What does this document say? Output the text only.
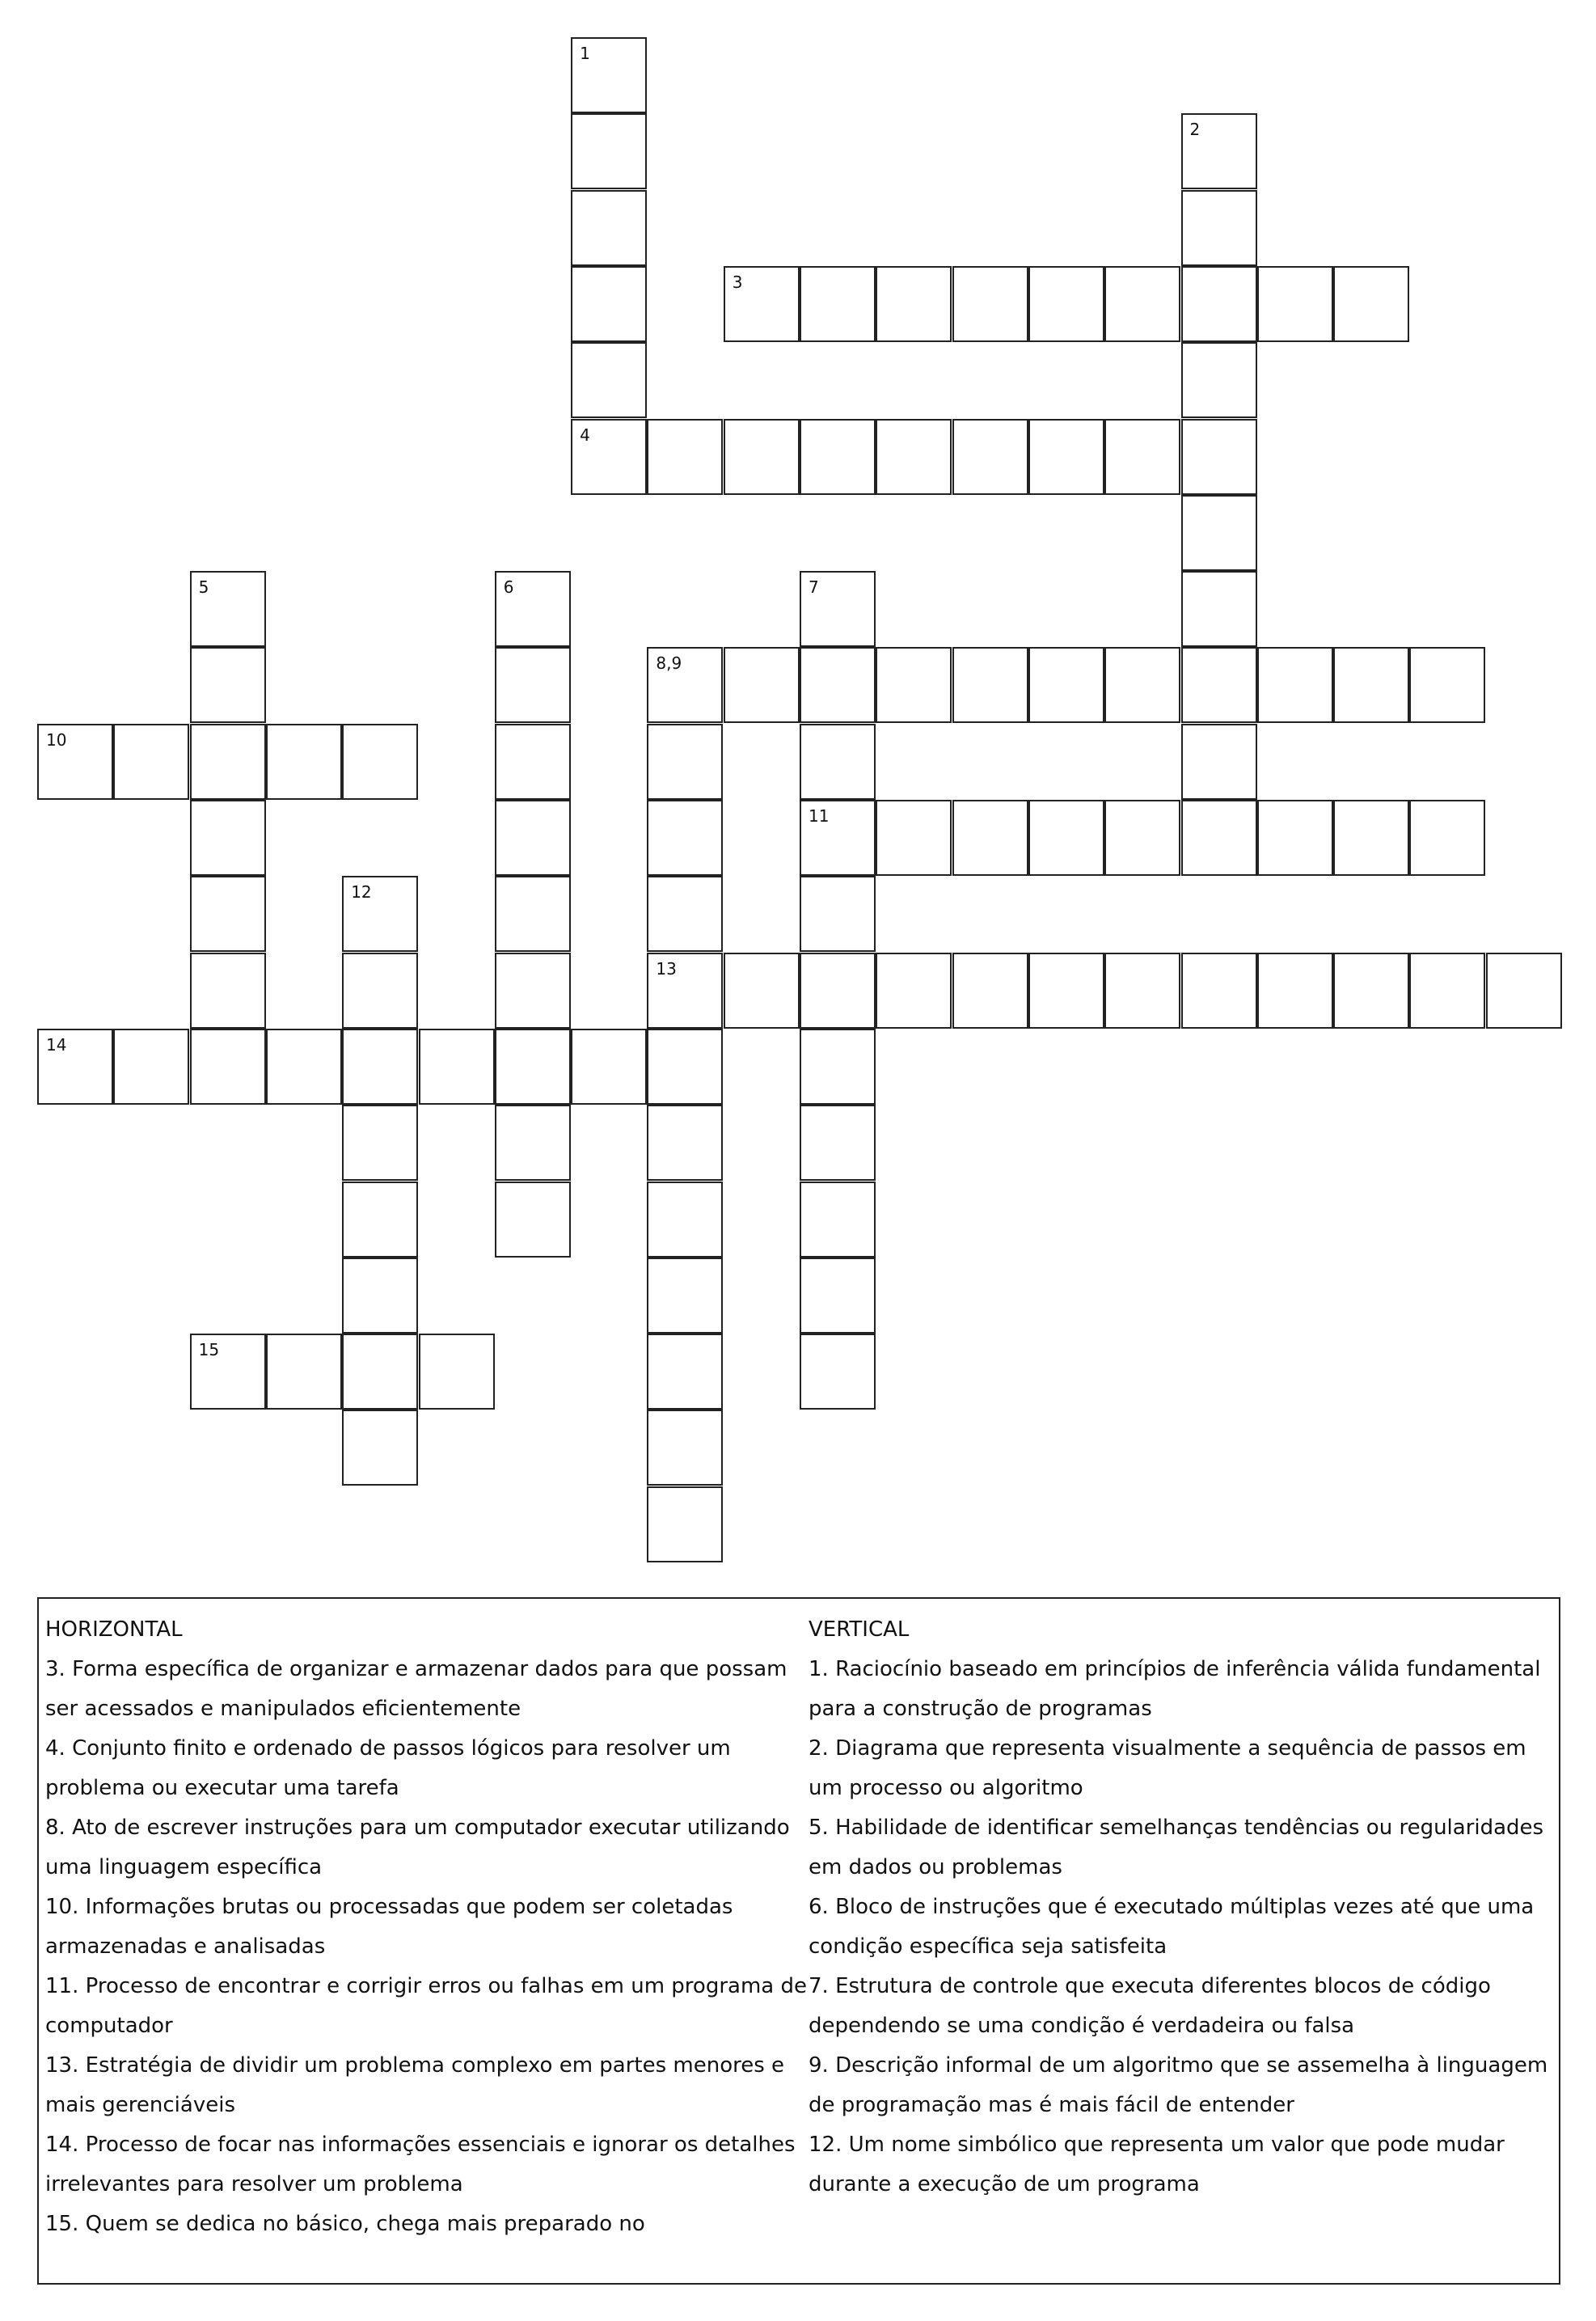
1
4
2
3
5	6	7
11
8,9
13
10
12
14
15
HORIZONTAL
3. Forma específica de organizar e armazenar dados para que possam ser acessados e manipulados eficientemente
4. Conjunto finito e ordenado de passos lógicos para resolver um problema ou executar uma tarefa
8. Ato de escrever instruções para um computador executar utilizando uma linguagem específica
10. Informações brutas ou processadas que podem ser coletadas armazenadas e analisadas
11. Processo de encontrar e corrigir erros ou falhas em um programa de computador
13. Estratégia de dividir um problema complexo em partes menores e mais gerenciáveis
14. Processo de focar nas informações essenciais e ignorar os detalhes irrelevantes para resolver um problema
15. Quem se dedica no básico, chega mais preparado no
VERTICAL
1. Raciocínio baseado em princípios de inferência válida fundamental para a construção de programas
2. Diagrama que representa visualmente a sequência de passos em um processo ou algoritmo
5. Habilidade de identificar semelhanças tendências ou regularidades em dados ou problemas
6. Bloco de instruções que é executado múltiplas vezes até que uma condição específica seja satisfeita
7. Estrutura de controle que executa diferentes blocos de código dependendo se uma condição é verdadeira ou falsa
9. Descrição informal de um algoritmo que se assemelha à linguagem de programação mas é mais fácil de entender
12. Um nome simbólico que representa um valor que pode mudar durante a execução de um programa
